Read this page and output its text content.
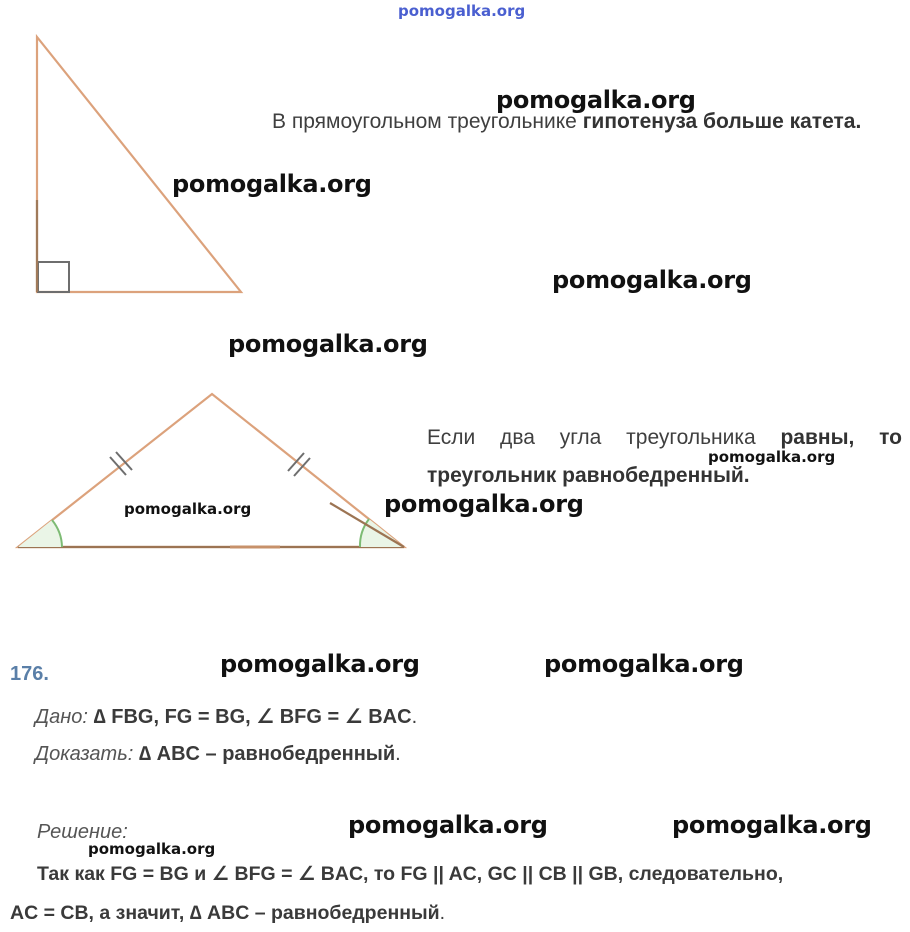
pomogalka.org
В прямоугольном треугольнике гипотенуза больше катета.
Если два угла треугольника равны, то треугольник равнобедренный.
176.
Дано: ∆ FBG, FG = BG, ∠ BFG = ∠ BAC.
Доказать: ∆ ABC – равнобедренный.
Решение:
Так как FG = BG и ∠ BFG = ∠ BAC, то FG || AC, GC || CB || GB, следовательно,
AC = CB, а значит, ∆ ABC – равнобедренный.
pomogalka.org
pomogalka.org
pomogalka.org
pomogalka.org
pomogalka.org
pomogalka.org	pomogalka.org
pomogalka.org	pomogalka.org
pomogalka.org	pomogalka.org
pomogalka.org
